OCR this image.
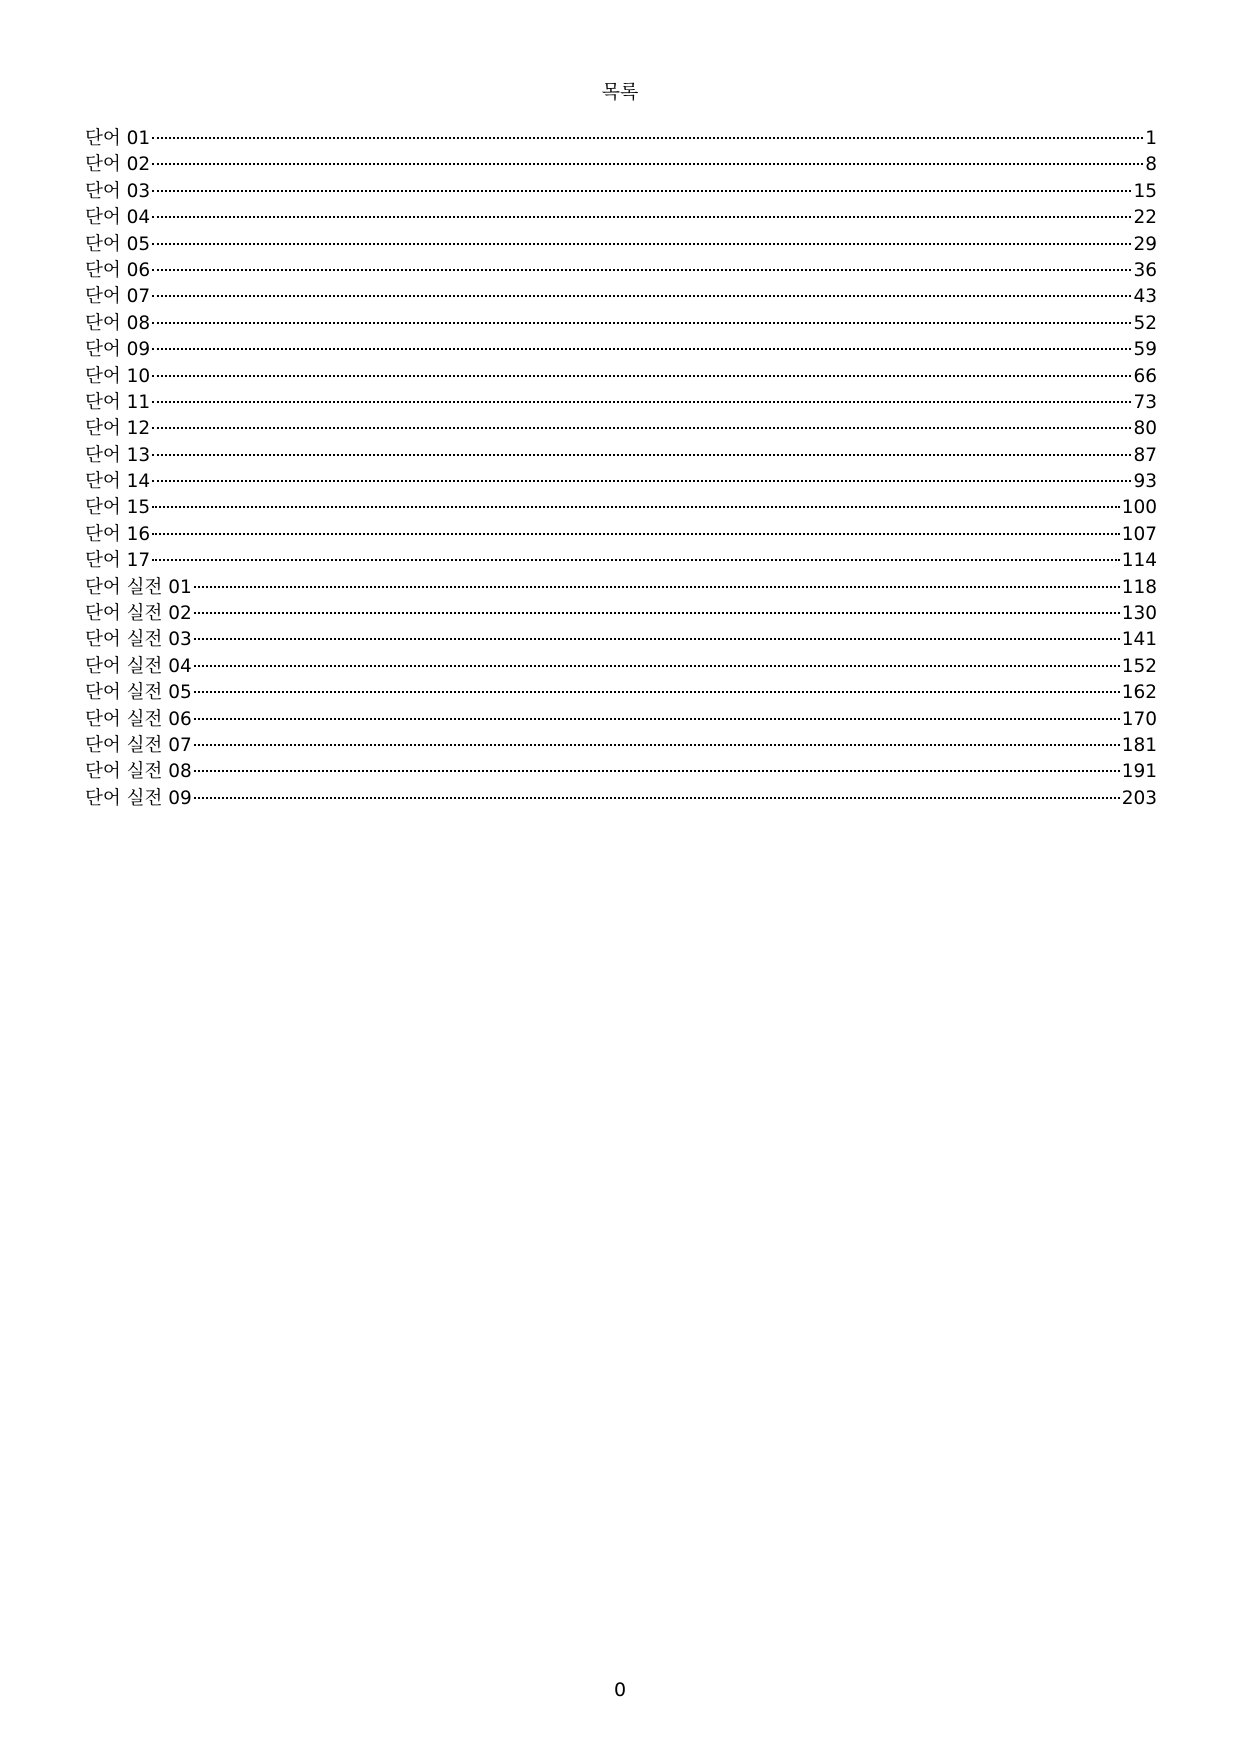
목록
단어 01	1
단어 02	8
단어 03	15
단어 04	22
단어 05	29
단어 06	36
단어 07	43
단어 08	52
단어 09	59
단어 10	66
단어 11	73
단어 12	80
단어 13	87
단어 14	93
단어 15	100
단어 16	107
단어 17	114
단어 실전 01	118
단어 실전 02	130
단어 실전 03	141
단어 실전 04	152
단어 실전 05	162
단어 실전 06	170
단어 실전 07	181
단어 실전 08	191
단어 실전 09	203
0
